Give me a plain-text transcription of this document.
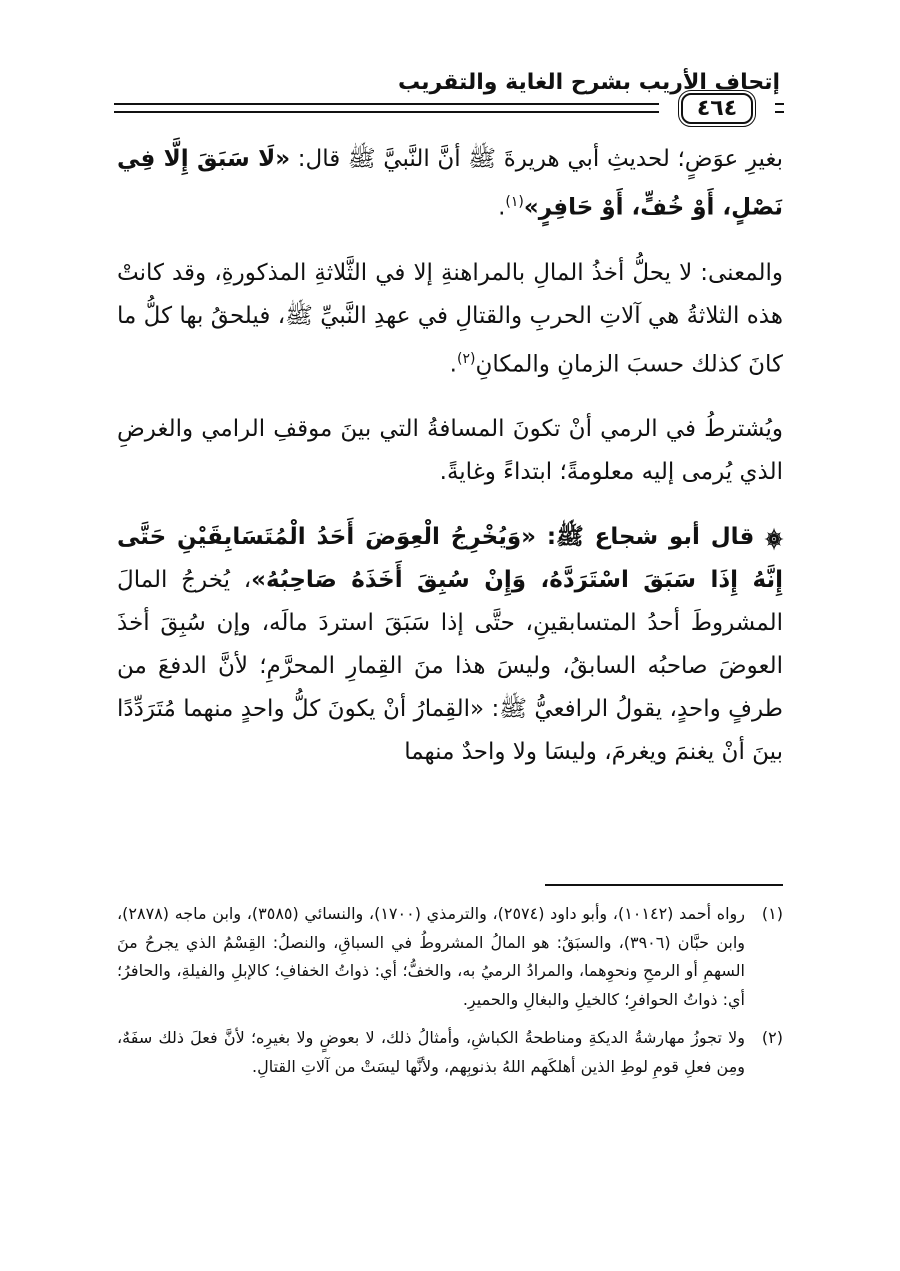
إتحاف الأريب بشرح الغاية والتقريب
٤٦٤

بغيرِ عوَضٍ؛ لحديثِ أبي هريرةَ ﷺ أنَّ النَّبيَّ ﷺ قال: «لَا سَبَقَ إِلَّا فِي نَصْلٍ، أَوْ خُفٍّ، أَوْ حَافِرٍ»$^{(١)}$.

والمعنى: لا يحلُّ أخذُ المالِ بالمراهنةِ إلا في الثَّلاثةِ المذكورةِ، وقد كانتْ هذه الثلاثةُ هي آلاتِ الحربِ والقتالِ في عهدِ النَّبيِّ ﷺ، فيلحقُ بها كلُّ ما كانَ كذلك حسبَ الزمانِ والمكانِ$^{(٢)}$.

ويُشترطُ في الرمي أنْ تكونَ المسافةُ التي بينَ موقفِ الرامي والغرضِ الذي يُرمى إليه معلومةً؛ ابتداءً وغايةً.

۞ قال أبو شجاع ﷺ: «وَيُخْرِجُ الْعِوَضَ أَحَدُ الْمُتَسَابِقَيْنِ حَتَّى إِنَّهُ إِذَا سَبَقَ اسْتَرَدَّهُ، وَإِنْ سُبِقَ أَخَذَهُ صَاحِبُهُ»، يُخرجُ المالَ المشروطَ أحدُ المتسابقينِ، حتَّى إذا سَبَقَ استردَ مالَه، وإن سُبِقَ أخذَ العوضَ صاحبُه السابقُ، وليسَ هذا منَ القِمارِ المحرَّمِ؛ لأنَّ الدفعَ من طرفٍ واحدٍ، يقولُ الرافعيُّ ﷺ: «القِمارُ أنْ يكونَ كلُّ واحدٍ منهما مُتَرَدِّدًا بينَ أنْ يغنمَ ويغرمَ، وليسَا ولا واحدٌ منهما

(١)
رواه أحمد (١٠١٤٢)، وأبو داود (٢٥٧٤)، والترمذي (١٧٠٠)، والنسائي (٣٥٨٥)، وابن ماجه (٢٨٧٨)، وابن حبَّان (٣٩٠٦)، والسبَقُ: هو المالُ المشروطُ في السباقِ، والنصلُ: القِسْمُ الذي يجرحُ منَ السهمِ أو الرمحِ ونحوِهما، والمرادُ الرميُ به، والخفُّ؛ أي: ذواتُ الخفافِ؛ كالإبلِ والفيلةِ، والحافرُ؛ أي: ذواتُ الحوافرِ؛ كالخيلِ والبغالِ والحميرِ.
(٢)
ولا تجوزُ مهارشةُ الديكةِ ومناطحةُ الكباشِ، وأمثالُ ذلك، لا بعوضٍ ولا بغيرِه؛ لأنَّ فعلَ ذلك سفَهٌ، ومِن فعلِ قومِ لوطِ الذين أهلكَهم اللهُ بذنوبِهم، ولأنَّها ليسَتْ من آلاتِ القتالِ.
